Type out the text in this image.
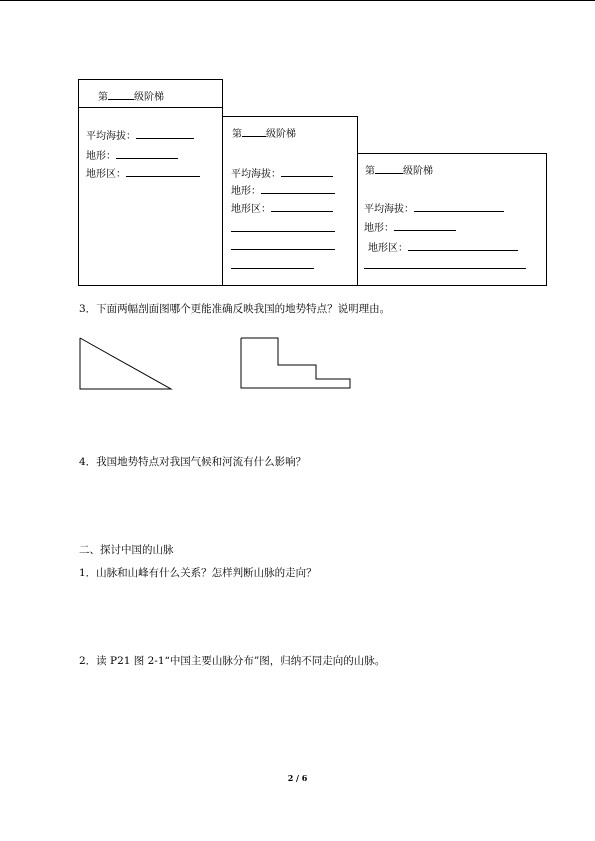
第	级阶梯
平均海拔：
地形：
地形区：
第 级阶梯
平均海拔：
地形：
地形区：
第	级阶梯
平均海拔：
地形：
地形区：
3．下面两幅剖面图哪个更能准确反映我国的地势特点？说明理由。
4．我国地势特点对我国气候和河流有什么影响？
二、探讨中国的山脉
1．山脉和山峰有什么关系？怎样判断山脉的走向？
2．读 P21 图 2-1“中国主要山脉分布”图，归纳不同走向的山脉。
2 / 6
